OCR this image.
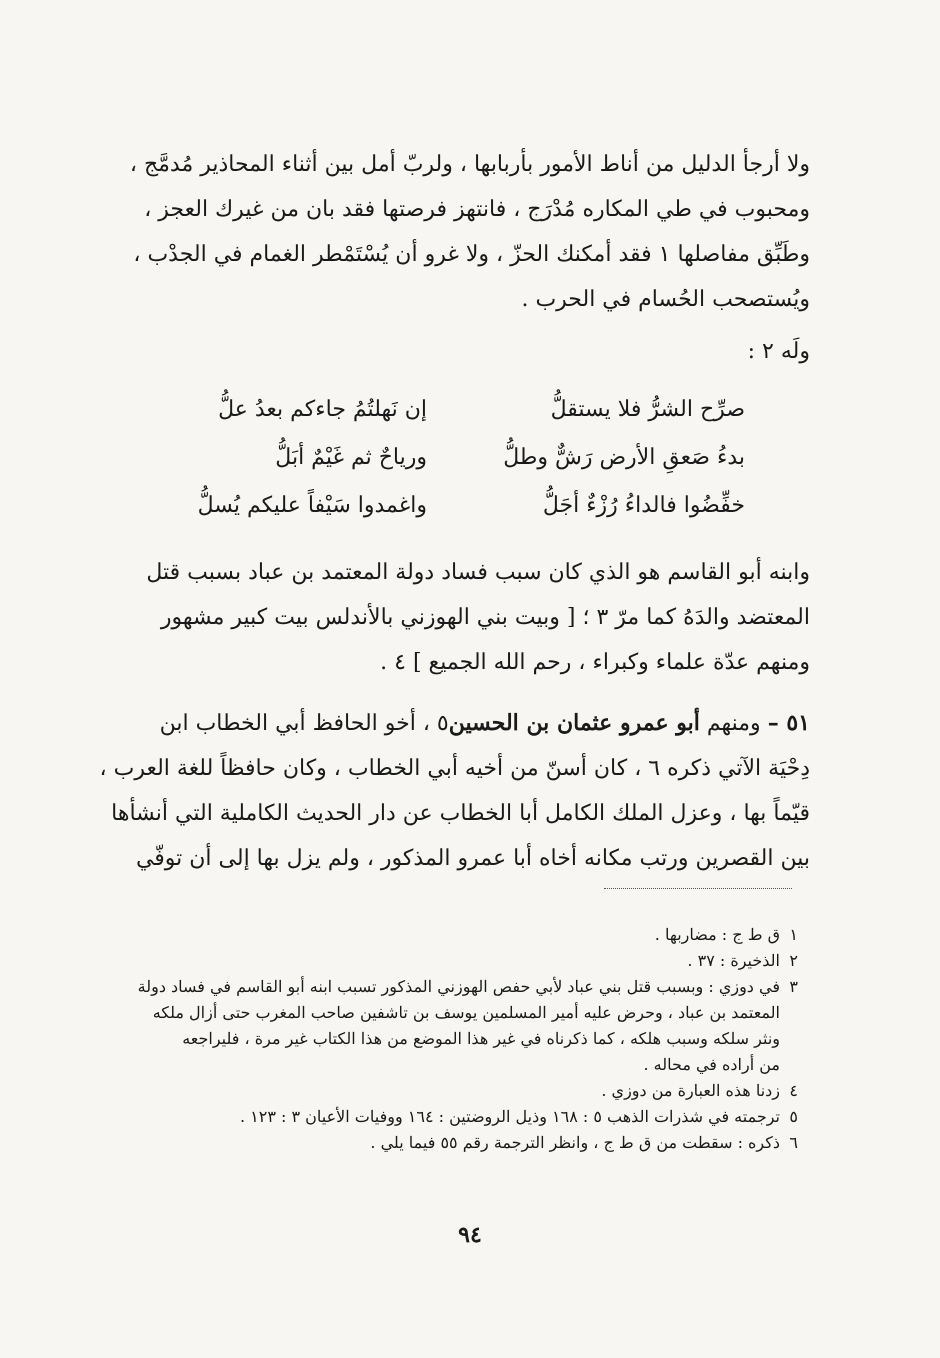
ولا أرجأ الدليل من أناط الأمور بأربابها ، ولربّ أمل بين أثناء المحاذير مُدمَّج ،
ومحبوب في طي المكاره مُدْرَج ، فانتهز فرصتها فقد بان من غيرك العجز ،
وطَبِّق مفاصلها ١ فقد أمكنك الحزّ ، ولا غرو أن يُسْتَمْطر الغمام في الجدْب ،
ويُستصحب الحُسام في الحرب .
ولَه ٢ :
صرِّح الشرُّ فلا يستقلُّ
إن نَهلتُمُ جاءكم بعدُ علُّ
بدءُ صَعقِ الأرض رَشٌّ وطلُّ
ورياحٌ ثم غَيْمٌ أبَلُّ
خفِّضُوا فالداءُ رُزْءٌ أجَلُّ
واغمدوا سَيْفاً عليكم يُسلُّ
وابنه أبو القاسم هو الذي كان سبب فساد دولة المعتمد بن عباد بسبب قتل
المعتضد والدَهُ كما مرّ ٣ ؛ [ وبيت بني الهوزني بالأندلس بيت كبير مشهور
ومنهم عدّة علماء وكبراء ، رحم الله الجميع ] ٤ .
٥١ – ومنهم أبو عمرو عثمان بن الحسين٥ ، أخو الحافظ أبي الخطاب ابن
دِحْيَة الآتي ذكره ٦ ، كان أسنّ من أخيه أبي الخطاب ، وكان حافظاً للغة العرب ،
قيّماً بها ، وعزل الملك الكامل أبا الخطاب عن دار الحديث الكاملية التي أنشأها
بين القصرين ورتب مكانه أخاه أبا عمرو المذكور ، ولم يزل بها إلى أن توفّي
١
ق ط ج : مضاربها .
٢
الذخيرة : ٣٧ .
٣
في دوزي : وبسبب قتل بني عباد لأبي حفص الهوزني المذكور تسبب ابنه أبو القاسم في فساد دولة
المعتمد بن عباد ، وحرض عليه أمير المسلمين يوسف بن تاشفين صاحب المغرب حتى أزال ملكه
ونثر سلكه وسبب هلكه ، كما ذكرناه في غير هذا الموضع من هذا الكتاب غير مرة ، فليراجعه
من أراده في محاله .
٤
زدنا هذه العبارة من دوزي .
٥
ترجمته في شذرات الذهب ٥ : ١٦٨ وذيل الروضتين : ١٦٤ ووفيات الأعيان ٣ : ١٢٣ .
٦
ذكره : سقطت من ق ط ج ، وانظر الترجمة رقم ٥٥ فيما يلي .
٩٤
